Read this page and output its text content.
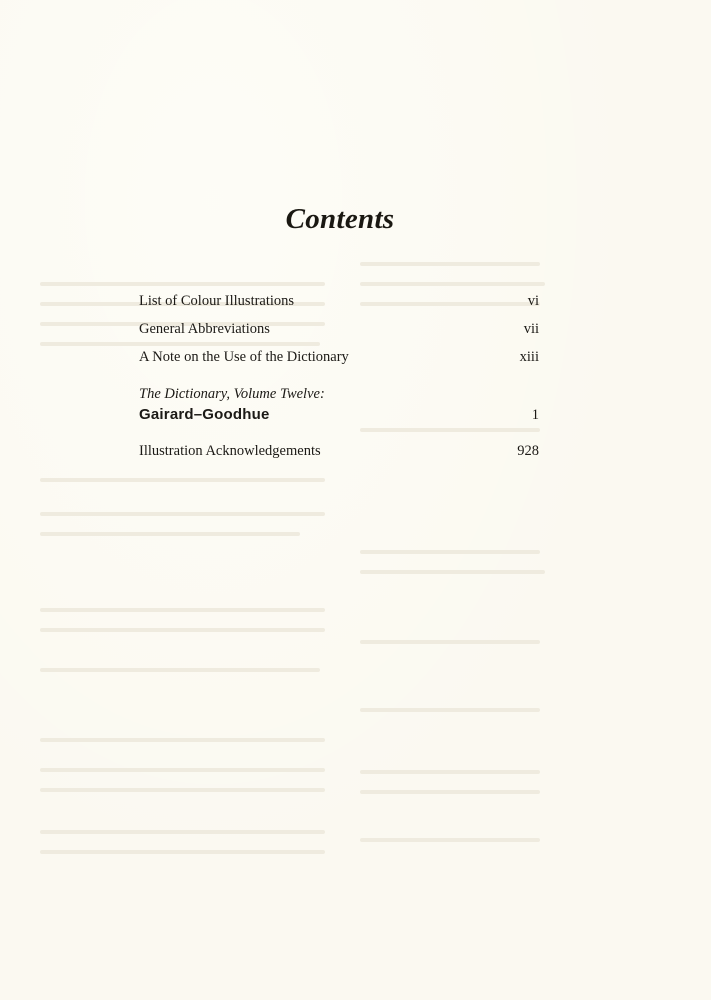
Contents
List of Colour Illustrations	vi
General Abbreviations	vii
A Note on the Use of the Dictionary	xiii
The Dictionary, Volume Twelve:
Gairard–Goodhue	1
Illustration Acknowledgements	928
